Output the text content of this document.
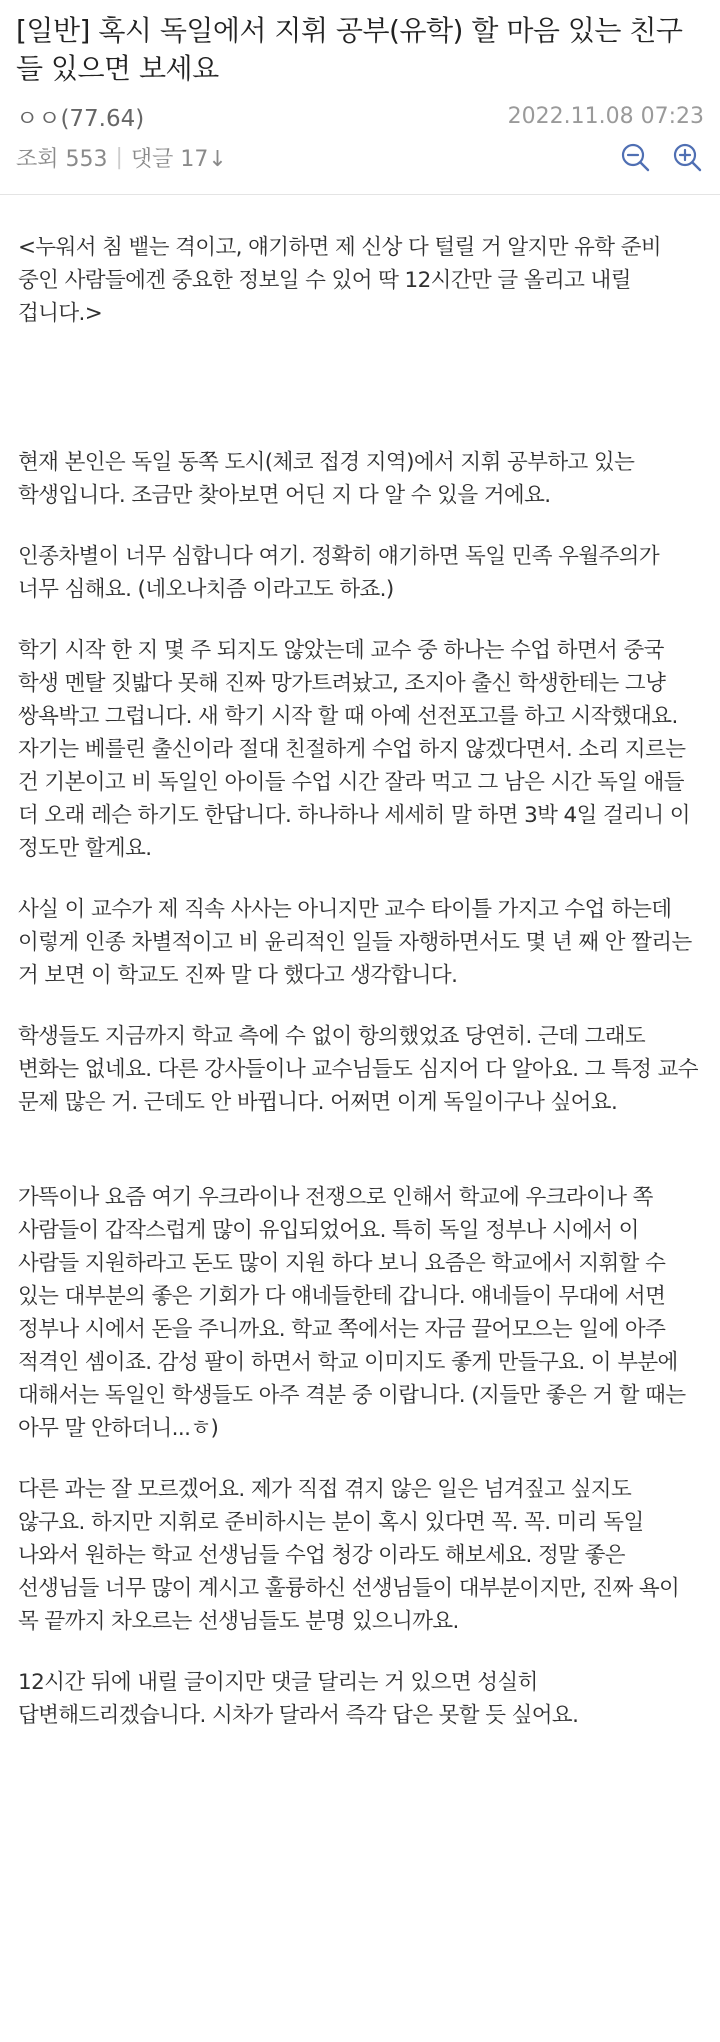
[일반] 혹시 독일에서 지휘 공부(유학) 할 마음 있는 친구들 있으면 보세요
ㅇㅇ(77.64)	2022.11.08 07:23
조회 553 | 댓글 17↓

<누워서 침 뱉는 격이고, 얘기하면 제 신상 다 털릴 거 알지만 유학 준비 중인 사람들에겐 중요한 정보일 수 있어 딱 12시간만 글 올리고 내릴 겁니다.>

현재 본인은 독일 동쪽 도시(체코 접경 지역)에서 지휘 공부하고 있는 학생입니다. 조금만 찾아보면 어딘 지 다 알 수 있을 거에요.

인종차별이 너무 심합니다 여기. 정확히 얘기하면 독일 민족 우월주의가 너무 심해요. (네오나치즘 이라고도 하죠.)

학기 시작 한 지 몇 주 되지도 않았는데 교수 중 하나는 수업 하면서 중국 학생 멘탈 짓밟다 못해 진짜 망가트려놨고, 조지아 출신 학생한테는 그냥 쌍욕박고 그럽니다. 새 학기 시작 할 때 아예 선전포고를 하고 시작했대요. 자기는 베를린 출신이라 절대 친절하게 수업 하지 않겠다면서. 소리 지르는 건 기본이고 비 독일인 아이들 수업 시간 잘라 먹고 그 남은 시간 독일 애들 더 오래 레슨 하기도 한답니다. 하나하나 세세히 말 하면 3박 4일 걸리니 이 정도만 할게요.

사실 이 교수가 제 직속 사사는 아니지만 교수 타이틀 가지고 수업 하는데 이렇게 인종 차별적이고 비 윤리적인 일들 자행하면서도 몇 년 째 안 짤리는 거 보면 이 학교도 진짜 말 다 했다고 생각합니다.

학생들도 지금까지 학교 측에 수 없이 항의했었죠 당연히. 근데 그래도 변화는 없네요. 다른 강사들이나 교수님들도 심지어 다 알아요. 그 특정 교수 문제 많은 거. 근데도 안 바뀝니다. 어쩌면 이게 독일이구나 싶어요.

가뜩이나 요즘 여기 우크라이나 전쟁으로 인해서 학교에 우크라이나 쪽 사람들이 갑작스럽게 많이 유입되었어요. 특히 독일 정부나 시에서 이 사람들 지원하라고 돈도 많이 지원 하다 보니 요즘은 학교에서 지휘할 수 있는 대부분의 좋은 기회가 다 얘네들한테 갑니다. 얘네들이 무대에 서면 정부나 시에서 돈을 주니까요. 학교 쪽에서는 자금 끌어모으는 일에 아주 적격인 셈이죠. 감성 팔이 하면서 학교 이미지도 좋게 만들구요. 이 부분에 대해서는 독일인 학생들도 아주 격분 중 이랍니다. (지들만 좋은 거 할 때는 아무 말 안하더니...ㅎ)

다른 과는 잘 모르겠어요. 제가 직접 겪지 않은 일은 넘겨짚고 싶지도 않구요. 하지만 지휘로 준비하시는 분이 혹시 있다면 꼭. 꼭. 미리 독일 나와서 원하는 학교 선생님들 수업 청강 이라도 해보세요. 정말 좋은 선생님들 너무 많이 계시고 훌륭하신 선생님들이 대부분이지만, 진짜 욕이 목 끝까지 차오르는 선생님들도 분명 있으니까요.

12시간 뒤에 내릴 글이지만 댓글 달리는 거 있으면 성실히 답변해드리겠습니다. 시차가 달라서 즉각 답은 못할 듯 싶어요.
